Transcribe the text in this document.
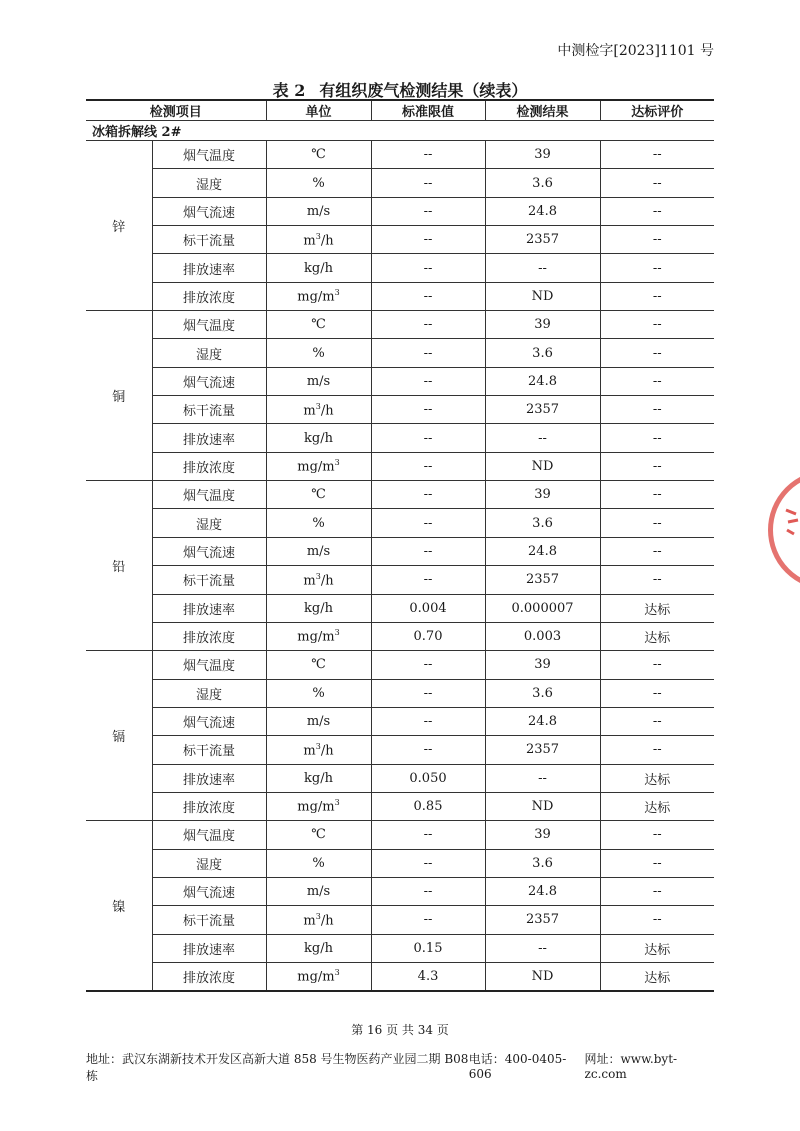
中测检字[2023]1101 号
表 2 有组织废气检测结果（续表）
检测项目		单位	标准限值	检测结果	达标评价
冰箱拆解线 2#					
锌	烟气温度	℃	--	39	--
	湿度	%	--	3.6	--
	烟气流速	m/s	--	24.8	--
	标干流量	$m^3/h$	--	2357	--
	排放速率	kg/h	--	--	--
	排放浓度	$mg/m^3$	--	ND	--
铜	烟气温度	℃	--	39	--
	湿度	%	--	3.6	--
	烟气流速	m/s	--	24.8	--
	标干流量	$m^3/h$	--	2357	--
	排放速率	kg/h	--	--	--
	排放浓度	$mg/m^3$	--	ND	--
铅	烟气温度	℃	--	39	--
	湿度	%	--	3.6	--
	烟气流速	m/s	--	24.8	--
	标干流量	$m^3/h$	--	2357	--
	排放速率	kg/h	0.004	0.000007	达标
	排放浓度	$mg/m^3$	0.70	0.003	达标
镉	烟气温度	℃	--	39	--
	湿度	%	--	3.6	--
	烟气流速	m/s	--	24.8	--
	标干流量	$m^3/h$	--	2357	--
	排放速率	kg/h	0.050	--	达标
	排放浓度	$mg/m^3$	0.85	ND	达标
镍	烟气温度	℃	--	39	--
	湿度	%	--	3.6	--
	烟气流速	m/s	--	24.8	--
	标干流量	$m^3/h$	--	2357	--
	排放速率	kg/h	0.15	--	达标
	排放浓度	$mg/m^3$	4.3	ND	达标
第 16 页 共 34 页
地址：武汉东湖新技术开发区高新大道 858 号生物医药产业园二期 B08 栋
电话：400-0405-606
网址：www.byt-zc.com
